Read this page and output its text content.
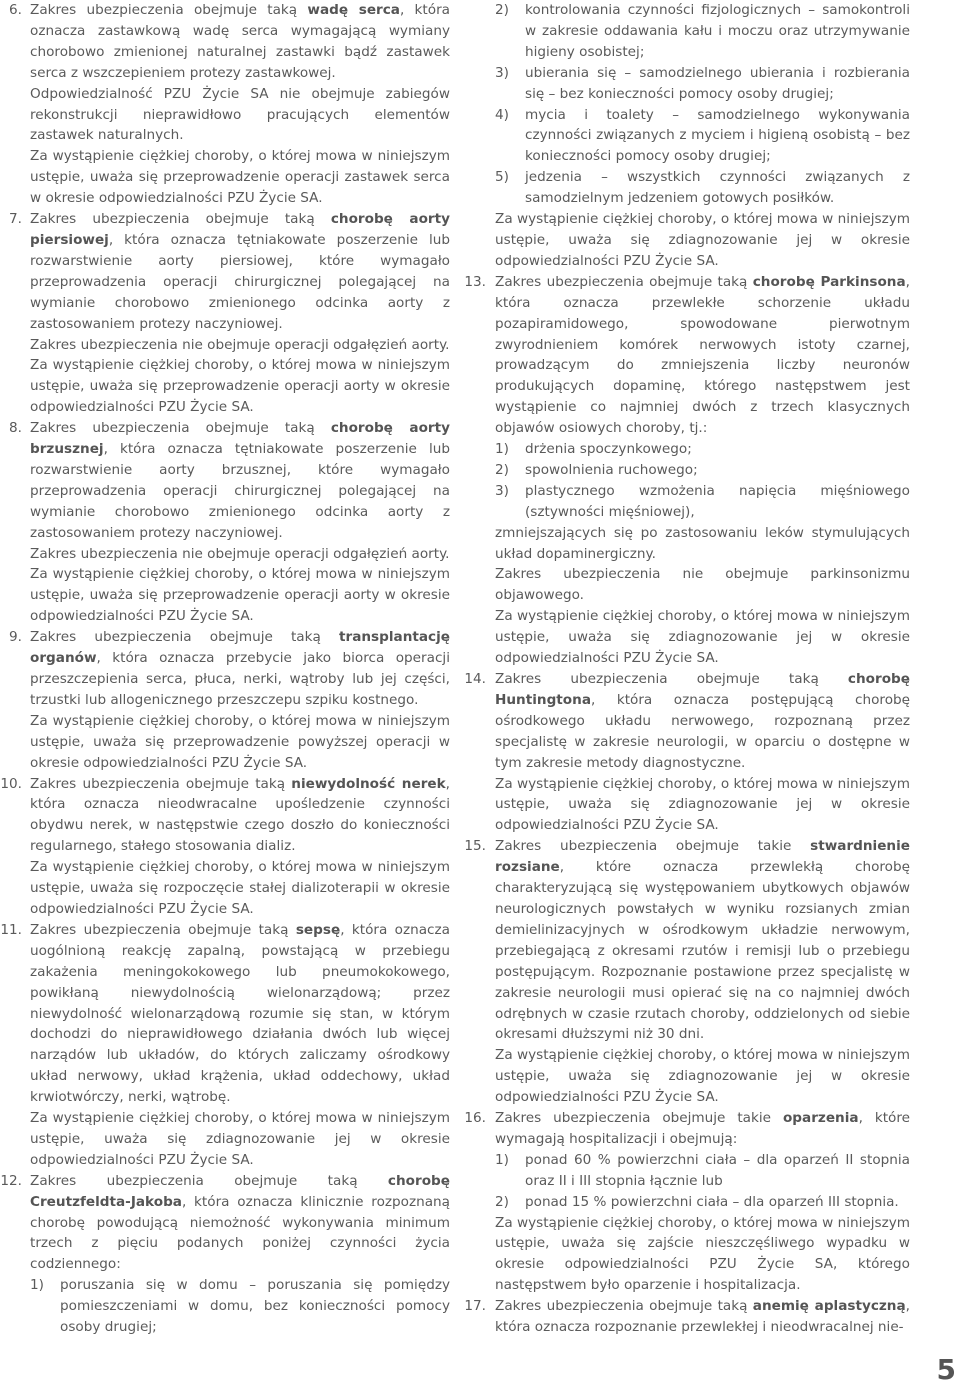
6. Zakres ubezpieczenia obejmuje taką wadę serca, która oznacza zastawkową wadę serca wymagającą wymiany chorobowo zmienionej naturalnej zastawki bądź zastawek serca z wszczepieniem protezy zastawkowej.

Odpowiedzialność PZU Życie SA nie obejmuje zabiegów rekonstrukcji nieprawidłowo pracujących elementów zastawek naturalnych.

Za wystąpienie ciężkiej choroby, o której mowa w niniejszym ustępie, uważa się przeprowadzenie operacji zastawek serca w okresie odpowiedzialności PZU Życie SA.

7. Zakres ubezpieczenia obejmuje taką chorobę aorty piersiowej, która oznacza tętniakowate poszerzenie lub rozwarstwienie aorty piersiowej, które wymagało przeprowadzenia operacji chirurgicznej polegającej na wymianie chorobowo zmienionego odcinka aorty z zastosowaniem protezy naczyniowej.

Zakres ubezpieczenia nie obejmuje operacji odgałęzień aorty.

Za wystąpienie ciężkiej choroby, o której mowa w niniejszym ustępie, uważa się przeprowadzenie operacji aorty w okresie odpowiedzialności PZU Życie SA.

8. Zakres ubezpieczenia obejmuje taką chorobę aorty brzusznej, która oznacza tętniakowate poszerzenie lub rozwarstwienie aorty brzusznej, które wymagało przeprowadzenia operacji chirurgicznej polegającej na wymianie chorobowo zmienionego odcinka aorty z zastosowaniem protezy naczyniowej.

Zakres ubezpieczenia nie obejmuje operacji odgałęzień aorty.

Za wystąpienie ciężkiej choroby, o której mowa w niniejszym ustępie, uważa się przeprowadzenie operacji aorty w okresie odpowiedzialności PZU Życie SA.

9. Zakres ubezpieczenia obejmuje taką transplantację organów, która oznacza przebycie jako biorca operacji przeszczepienia serca, płuca, nerki, wątroby lub jej części, trzustki lub allogenicznego przeszczepu szpiku kostnego.

Za wystąpienie ciężkiej choroby, o której mowa w niniejszym ustępie, uważa się przeprowadzenie powyższej operacji w okresie odpowiedzialności PZU Życie SA.

10. Zakres ubezpieczenia obejmuje taką niewydolność nerek, która oznacza nieodwracalne upośledzenie czynności obydwu nerek, w następstwie czego doszło do konieczności regularnego, stałego stosowania dializ.

Za wystąpienie ciężkiej choroby, o której mowa w niniejszym ustępie, uważa się rozpoczęcie stałej dializoterapii w okresie odpowiedzialności PZU Życie SA.

11. Zakres ubezpieczenia obejmuje taką sepsę, która oznacza uogólnioną reakcję zapalną, powstającą w przebiegu zakażenia meningokokowego lub pneumokokowego, powikłaną niewydolnością wielonarządową; przez niewydolność wielonarządową rozumie się stan, w którym dochodzi do nieprawidłowego działania dwóch lub więcej narządów lub układów, do których zaliczamy ośrodkowy układ nerwowy, układ krążenia, układ oddechowy, układ krwiotwórczy, nerki, wątrobę.

Za wystąpienie ciężkiej choroby, o której mowa w niniejszym ustępie, uważa się zdiagnozowanie jej w okresie odpowiedzialności PZU Życie SA.

12. Zakres ubezpieczenia obejmuje taką chorobę Creutzfeldta-Jakoba, która oznacza klinicznie rozpoznaną chorobę powodującą niemożność wykonywania minimum trzech z pięciu podanych poniżej czynności życia codziennego:

1)	poruszania się w domu – poruszania się pomiędzy pomieszczeniami w domu, bez konieczności pomocy osoby drugiej;
2)	kontrolowania czynności fizjologicznych – samokontroli w zakresie oddawania kału i moczu oraz utrzymywanie higieny osobistej;
3)	ubierania się – samodzielnego ubierania i rozbierania się – bez konieczności pomocy osoby drugiej;
4)	mycia i toalety – samodzielnego wykonywania czynności związanych z myciem i higieną osobistą – bez konieczności pomocy osoby drugiej;
5)	jedzenia – wszystkich czynności związanych z samodzielnym jedzeniem gotowych posiłków.

Za wystąpienie ciężkiej choroby, o której mowa w niniejszym ustępie, uważa się zdiagnozowanie jej w okresie odpowiedzialności PZU Życie SA.

13. Zakres ubezpieczenia obejmuje taką chorobę Parkinsona, która oznacza przewlekłe schorzenie układu pozapiramidowego, spowodowane pierwotnym zwyrodnieniem komórek nerwowych istoty czarnej, prowadzącym do zmniejszenia liczby neuronów produkujących dopaminę, którego następstwem jest wystąpienie co najmniej dwóch z trzech klasycznych objawów osiowych choroby, tj.:

1)	drżenia spoczynkowego;
2)	spowolnienia ruchowego;
3)	plastycznego wzmożenia napięcia mięśniowego (sztywności mięśniowej),

zmniejszających się po zastosowaniu leków stymulujących układ dopaminergiczny.

Zakres ubezpieczenia nie obejmuje parkinsonizmu objawowego.

Za wystąpienie ciężkiej choroby, o której mowa w niniejszym ustępie, uważa się zdiagnozowanie jej w okresie odpowiedzialności PZU Życie SA.

14. Zakres ubezpieczenia obejmuje taką chorobę Huntingtona, która oznacza postępującą chorobę ośrodkowego układu nerwowego, rozpoznaną przez specjalistę w zakresie neurologii, w oparciu o dostępne w tym zakresie metody diagnostyczne.

Za wystąpienie ciężkiej choroby, o której mowa w niniejszym ustępie, uważa się zdiagnozowanie jej w okresie odpowiedzialności PZU Życie SA.

15. Zakres ubezpieczenia obejmuje takie stwardnienie rozsiane, które oznacza przewlekłą chorobę charakteryzującą się występowaniem ubytkowych objawów neurologicznych powstałych w wyniku rozsianych zmian demielinizacyjnych w ośrodkowym układzie nerwowym, przebiegającą z okresami rzutów i remisji lub o przebiegu postępującym. Rozpoznanie postawione przez specjalistę w zakresie neurologii musi opierać się na co najmniej dwóch odrębnych w czasie rzutach choroby, oddzielonych od siebie okresami dłuższymi niż 30 dni.

Za wystąpienie ciężkiej choroby, o której mowa w niniejszym ustępie, uważa się zdiagnozowanie jej w okresie odpowiedzialności PZU Życie SA.

16. Zakres ubezpieczenia obejmuje takie oparzenia, które wymagają hospitalizacji i obejmują:

1)	ponad 60 % powierzchni ciała – dla oparzeń II stopnia oraz II i III stopnia łącznie lub
2)	ponad 15 % powierzchni ciała – dla oparzeń III stopnia.

Za wystąpienie ciężkiej choroby, o której mowa w niniejszym ustępie, uważa się zajście nieszczęśliwego wypadku w okresie odpowiedzialności PZU Życie SA, którego następstwem było oparzenie i hospitalizacja.

17. Zakres ubezpieczenia obejmuje taką anemię aplastyczną, która oznacza rozpoznanie przewlekłej i nieodwracalnej nie-

5
